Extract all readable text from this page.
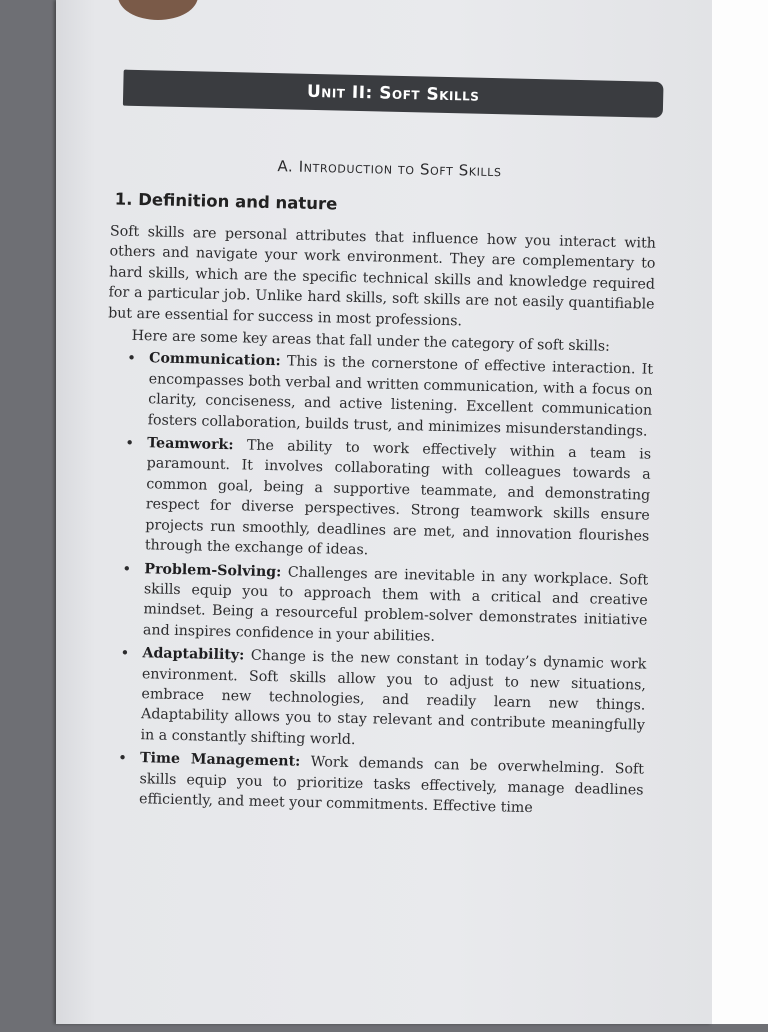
Unit II: Soft Skills
A. Introduction to Soft Skills
1. Definition and nature

Soft skills are personal attributes that influence how you interact with others and navigate your work environment. They are complementary to hard skills, which are the specific technical skills and knowledge required for a particular job. Unlike hard skills, soft skills are not easily quantifiable but are essential for success in most professions.

Here are some key areas that fall under the category of soft skills:

• Communication: This is the cornerstone of effective interaction. It encompasses both verbal and written communication, with a focus on clarity, conciseness, and active listening. Excellent communication fosters collaboration, builds trust, and minimizes misunderstandings.
• Teamwork: The ability to work effectively within a team is paramount. It involves collaborating with colleagues towards a common goal, being a supportive teammate, and demonstrating respect for diverse perspectives. Strong teamwork skills ensure projects run smoothly, deadlines are met, and innovation flourishes through the exchange of ideas.
• Problem-Solving: Challenges are inevitable in any workplace. Soft skills equip you to approach them with a critical and creative mindset. Being a resourceful problem-solver demonstrates initiative and inspires confidence in your abilities.
• Adaptability: Change is the new constant in today’s dynamic work environment. Soft skills allow you to adjust to new situations, embrace new technologies, and readily learn new things. Adaptability allows you to stay relevant and contribute meaningfully in a constantly shifting world.
• Time Management: Work demands can be overwhelming. Soft skills equip you to prioritize tasks effectively, manage deadlines efficiently, and meet your commitments. Effective time
